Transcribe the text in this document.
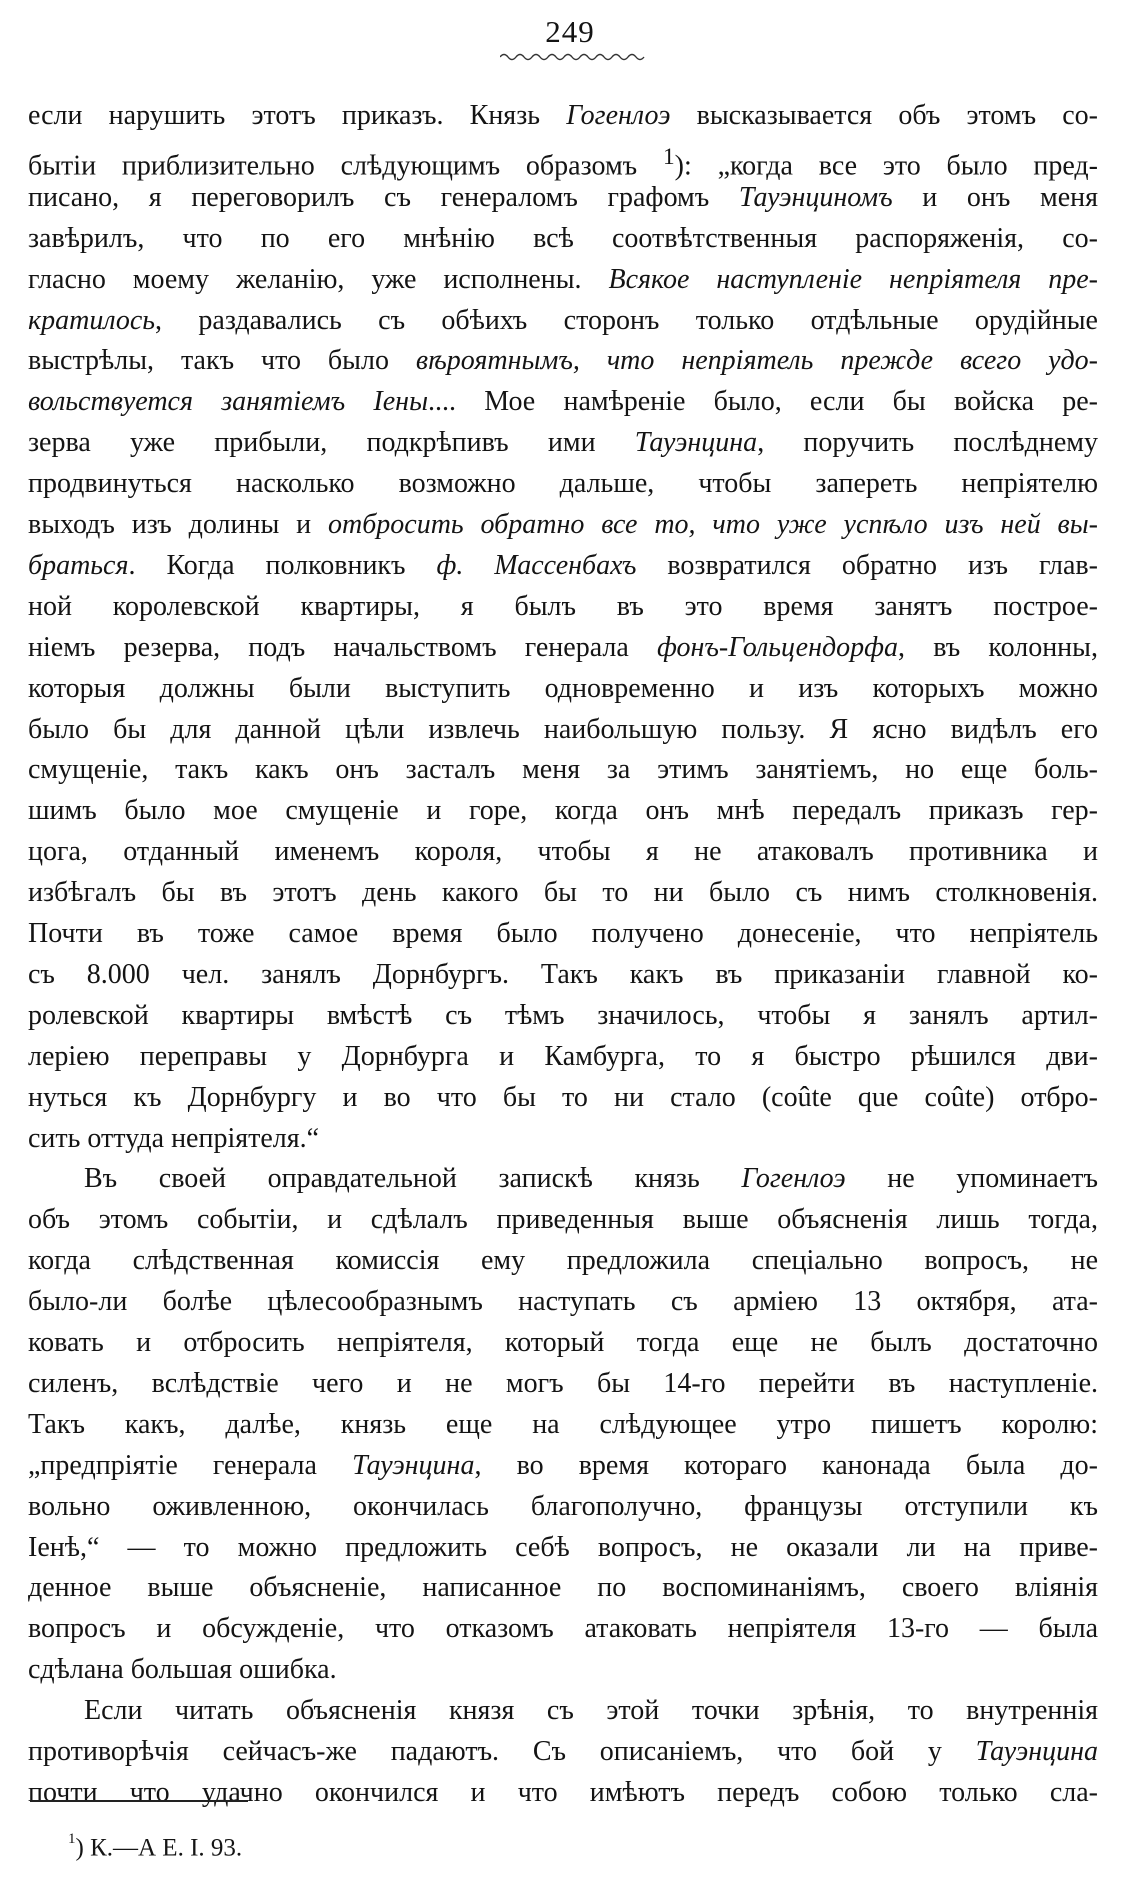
249
если нарушить этотъ приказъ. Князь Гогенлоэ высказывается объ этомъ со-
бытіи приблизительно слѣдующимъ образомъ $^1$): „когда все это было пред-
писано, я переговорилъ съ генераломъ графомъ Тауэнциномъ и онъ меня
завѣрилъ, что по его мнѣнію всѣ соотвѣтственныя распоряженія, со-
гласно моему желанію, уже исполнены. Всякое наступленіе непріятеля пре-
кратилось, раздавались съ обѣихъ сторонъ только отдѣльные орудійные
выстрѣлы, такъ что было вѣроятнымъ, что непріятель прежде всего удо-
вольствуется занятіемъ Іены.... Мое намѣреніе было, если бы войска ре-
зерва уже прибыли, подкрѣпивъ ими Тауэнцина, поручить послѣднему
продвинуться насколько возможно дальше, чтобы запереть непріятелю
выходъ изъ долины и отбросить обратно все то, что уже успѣло изъ ней вы-
браться. Когда полковникъ ф. Массенбахъ возвратился обратно изъ глав-
ной королевской квартиры, я былъ въ это время занятъ построе-
ніемъ резерва, подъ начальствомъ генерала фонъ-Гольцендорфа, въ колонны,
которыя должны были выступить одновременно и изъ которыхъ можно
было бы для данной цѣли извлечь наибольшую пользу. Я ясно видѣлъ его
смущеніе, такъ какъ онъ засталъ меня за этимъ занятіемъ, но еще боль-
шимъ было мое смущеніе и горе, когда онъ мнѣ передалъ приказъ гер-
цога, отданный именемъ короля, чтобы я не атаковалъ противника и
избѣгалъ бы въ этотъ день какого бы то ни было съ нимъ столкновенія.
Почти въ тоже самое время было получено донесеніе, что непріятель
съ 8.000 чел. занялъ Дорнбургъ. Такъ какъ въ приказаніи главной ко-
ролевской квартиры вмѣстѣ съ тѣмъ значилось, чтобы я занялъ артил-
леріею переправы у Дорнбурга и Камбурга, то я быстро рѣшился дви-
нуться къ Дорнбургу и во что бы то ни стало (coûte que coûte) отбро-
сить оттуда непріятеля.“
Въ своей оправдательной запискѣ князь Гогенлоэ не упоминаетъ
объ этомъ событіи, и сдѣлалъ приведенныя выше объясненія лишь тогда,
когда слѣдственная комиссія ему предложила спеціально вопросъ, не
было-ли болѣе цѣлесообразнымъ наступать съ арміею 13 октября, ата-
ковать и отбросить непріятеля, который тогда еще не былъ достаточно
силенъ, вслѣдствіе чего и не могъ бы 14-го перейти въ наступленіе.
Такъ какъ, далѣе, князь еще на слѣдующее утро пишетъ королю:
„предпріятіе генерала Тауэнцина, во время котораго канонада была до-
вольно оживленною, окончилась благополучно, французы отступили къ
Іенѣ,“ — то можно предложить себѣ вопросъ, не оказали ли на приве-
денное выше объясненіе, написанное по воспоминаніямъ, своего вліянія
вопросъ и обсужденіе, что отказомъ атаковать непріятеля 13-го — была
сдѣлана большая ошибка.
Если читать объясненія князя съ этой точки зрѣнія, то внутреннія
противорѣчія сейчасъ-же падаютъ. Съ описаніемъ, что бой у Тауэнцина
почти что удачно окончился и что имѣютъ передъ собою только сла-
$^1$) К.—А Е. I. 93.
